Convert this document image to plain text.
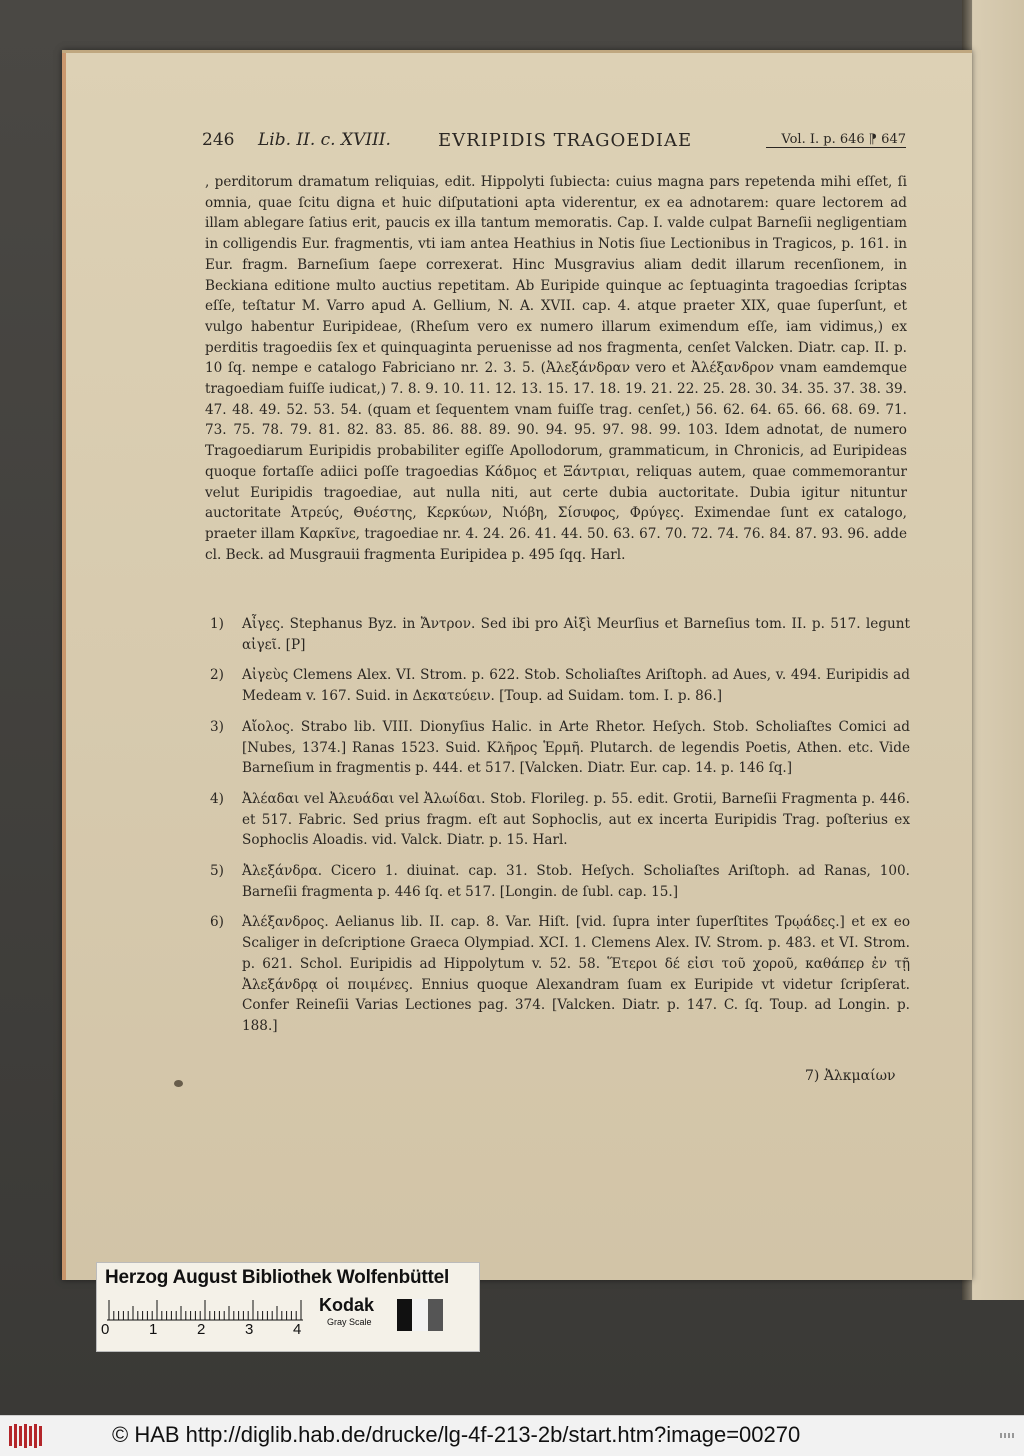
246 Lib. II. c. XVIII.	EVRIPIDIS TRAGOEDIAE	Vol. I. p. 646 ⁋ 647

, perditorum dramatum reliquias, edit. Hippolyti ſubiecta: cuius magna pars repetenda mihi eſſet, ſi omnia, quae ſcitu digna et huic diſputationi apta viderentur, ex ea adnotarem: quare lectorem ad illam ablegare ſatius erit, paucis ex illa tantum memoratis. Cap. I. valde culpat Barneſii negligentiam in colligendis Eur. fragmentis, vti iam antea Heathius in Notis ſiue Lectionibus in Tragicos, p. 161. in Eur. fragm. Barneſium ſaepe correxerat. Hinc Musgravius aliam dedit illarum recenſionem, in Beckiana editione multo auctius repetitam. Ab Euripide quinque ac ſeptuaginta tragoedias ſcriptas eſſe, teſtatur M. Varro apud A. Gellium, N. A. XVII. cap. 4. atque praeter XIX, quae ſuperſunt, et vulgo habentur Euripideae, (Rheſum vero ex numero illarum eximendum eſſe, iam vidimus,) ex perditis tragoediis ſex et quinquaginta peruenisse ad nos fragmenta, cenſet Valcken. Diatr. cap. II. p. 10 ſq. nempe e catalogo Fabriciano nr. 2. 3. 5. (Ἀλεξάνδραν vero et Ἀλέξανδρον vnam eamdemque tragoediam fuiſſe iudicat,) 7. 8. 9. 10. 11. 12. 13. 15. 17. 18. 19. 21. 22. 25. 28. 30. 34. 35. 37. 38. 39. 47. 48. 49. 52. 53. 54. (quam et ſequentem vnam fuiſſe trag. cenſet,) 56. 62. 64. 65. 66. 68. 69. 71. 73. 75. 78. 79. 81. 82. 83. 85. 86. 88. 89. 90. 94. 95. 97. 98. 99. 103. Idem adnotat, de numero Tragoediarum Euripidis probabiliter egiſſe Apollodorum, grammaticum, in Chronicis, ad Euripideas quoque fortaſſe adiici poſſe tragoedias Κάδμος et Ξάντριαι, reliquas autem, quae commemorantur velut Euripidis tragoediae, aut nulla niti, aut certe dubia auctoritate. Dubia igitur nituntur auctoritate Ἀτρεύς, Θυέστης, Κερκύων, Νιόβη, Σίσυφος, Φρύγες. Eximendae ſunt ex catalogo, praeter illam Καρκῖνε, tragoediae nr. 4. 24. 26. 41. 44. 50. 63. 67. 70. 72. 74. 76. 84. 87. 93. 96. adde cl. Beck. ad Musgrauii fragmenta Euripidea p. 495 ſqq. Harl.

1) Αἶγες. Stephanus Byz. in Ἄντρον. Sed ibi pro Αἰξὶ Meurſius et Barneſius tom. II. p. 517. legunt αἰγεῖ. [P]
2) Αἰγεὺς Clemens Alex. VI. Strom. p. 622. Stob. Scholiaſtes Ariſtoph. ad Aues, v. 494. Euripidis ad Medeam v. 167. Suid. in Δεκατεύειν. [Toup. ad Suidam. tom. I. p. 86.]
3) Αἴολος. Strabo lib. VIII. Dionyſius Halic. in Arte Rhetor. Heſych. Stob. Scholiaſtes Comici ad [Nubes, 1374.] Ranas 1523. Suid. Κλῆρος Ἑρμῆ. Plutarch. de legendis Poetis, Athen. etc. Vide Barneſium in fragmentis p. 444. et 517. [Valcken. Diatr. Eur. cap. 14. p. 146 ſq.]
4) Ἀλέαδαι vel Ἀλευάδαι vel Ἀλωίδαι. Stob. Florileg. p. 55. edit. Grotii, Barneſii Fragmenta p. 446. et 517. Fabric. Sed prius fragm. eſt aut Sophoclis, aut ex incerta Euripidis Trag. poſterius ex Sophoclis Aloadis. vid. Valck. Diatr. p. 15. Harl.
5) Ἀλεξάνδρα. Cicero 1. diuinat. cap. 31. Stob. Heſych. Scholiaſtes Ariſtoph. ad Ranas, 100. Barneſii fragmenta p. 446 ſq. et 517. [Longin. de ſubl. cap. 15.]
6) Ἀλέξανδρος. Aelianus lib. II. cap. 8. Var. Hiſt. [vid. ſupra inter ſuperſtites Τρῳάδες.] et ex eo Scaliger in deſcriptione Graeca Olympiad. XCI. 1. Clemens Alex. IV. Strom. p. 483. et VI. Strom. p. 621. Schol. Euripidis ad Hippolytum v. 52. 58. Ἕτεροι δέ εἰσι τοῦ χοροῦ, καθάπερ ἐν τῇ Ἀλεξάνδρᾳ οἱ ποιμένες. Ennius quoque Alexandram ſuam ex Euripide vt videtur ſcripſerat. Confer Reineſii Varias Lectiones pag. 374. [Valcken. Diatr. p. 147. C. ſq. Toup. ad Longin. p. 188.]
7) Ἀλκμαίων
Herzog August Bibliothek Wolfenbüttel
0	1	2	3	4
Kodak
Gray Scale
© HAB http://diglib.hab.de/drucke/lg-4f-213-2b/start.htm?image=00270
